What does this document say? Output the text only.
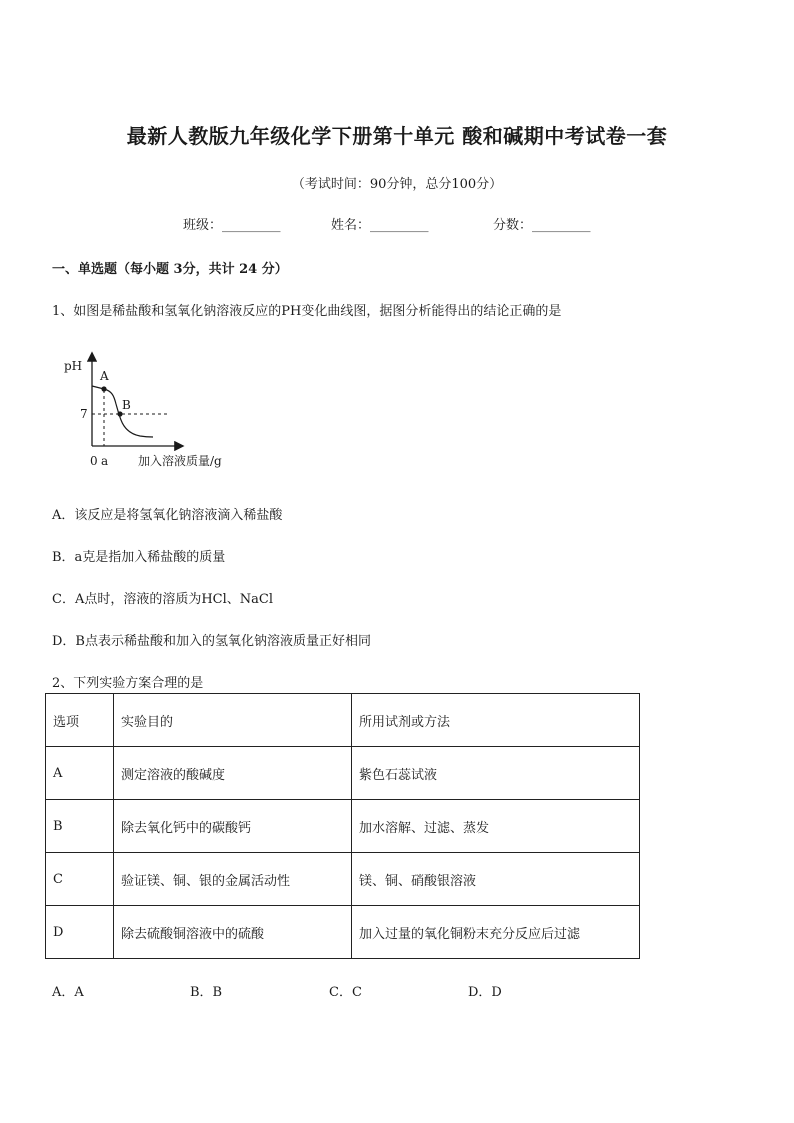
最新人教版九年级化学下册第十单元 酸和碱期中考试卷一套
（考试时间：90分钟，总分100分）
班级：_________	姓名：_________	分数：_________
一、单选题（每小题 3分，共计 24 分）
1、如图是稀盐酸和氢氧化钠溶液反应的PH变化曲线图，据图分析能得出的结论正确的是
pH
7
A
B
0 a 加入溶液质量/g
A．该反应是将氢氧化钠溶液滴入稀盐酸
B．a克是指加入稀盐酸的质量
C．A点时，溶液的溶质为HCl、NaCl
D．B点表示稀盐酸和加入的氢氧化钠溶液质量正好相同
2、下列实验方案合理的是
选项	实验目的	所用试剂或方法
A	测定溶液的酸碱度	紫色石蕊试液
B	除去氧化钙中的碳酸钙	加水溶解、过滤、蒸发
C	验证镁、铜、银的金属活动性	镁、铜、硝酸银溶液
D	除去硫酸铜溶液中的硫酸	加入过量的氧化铜粉末充分反应后过滤
A．A	B．B	C．C	D．D
